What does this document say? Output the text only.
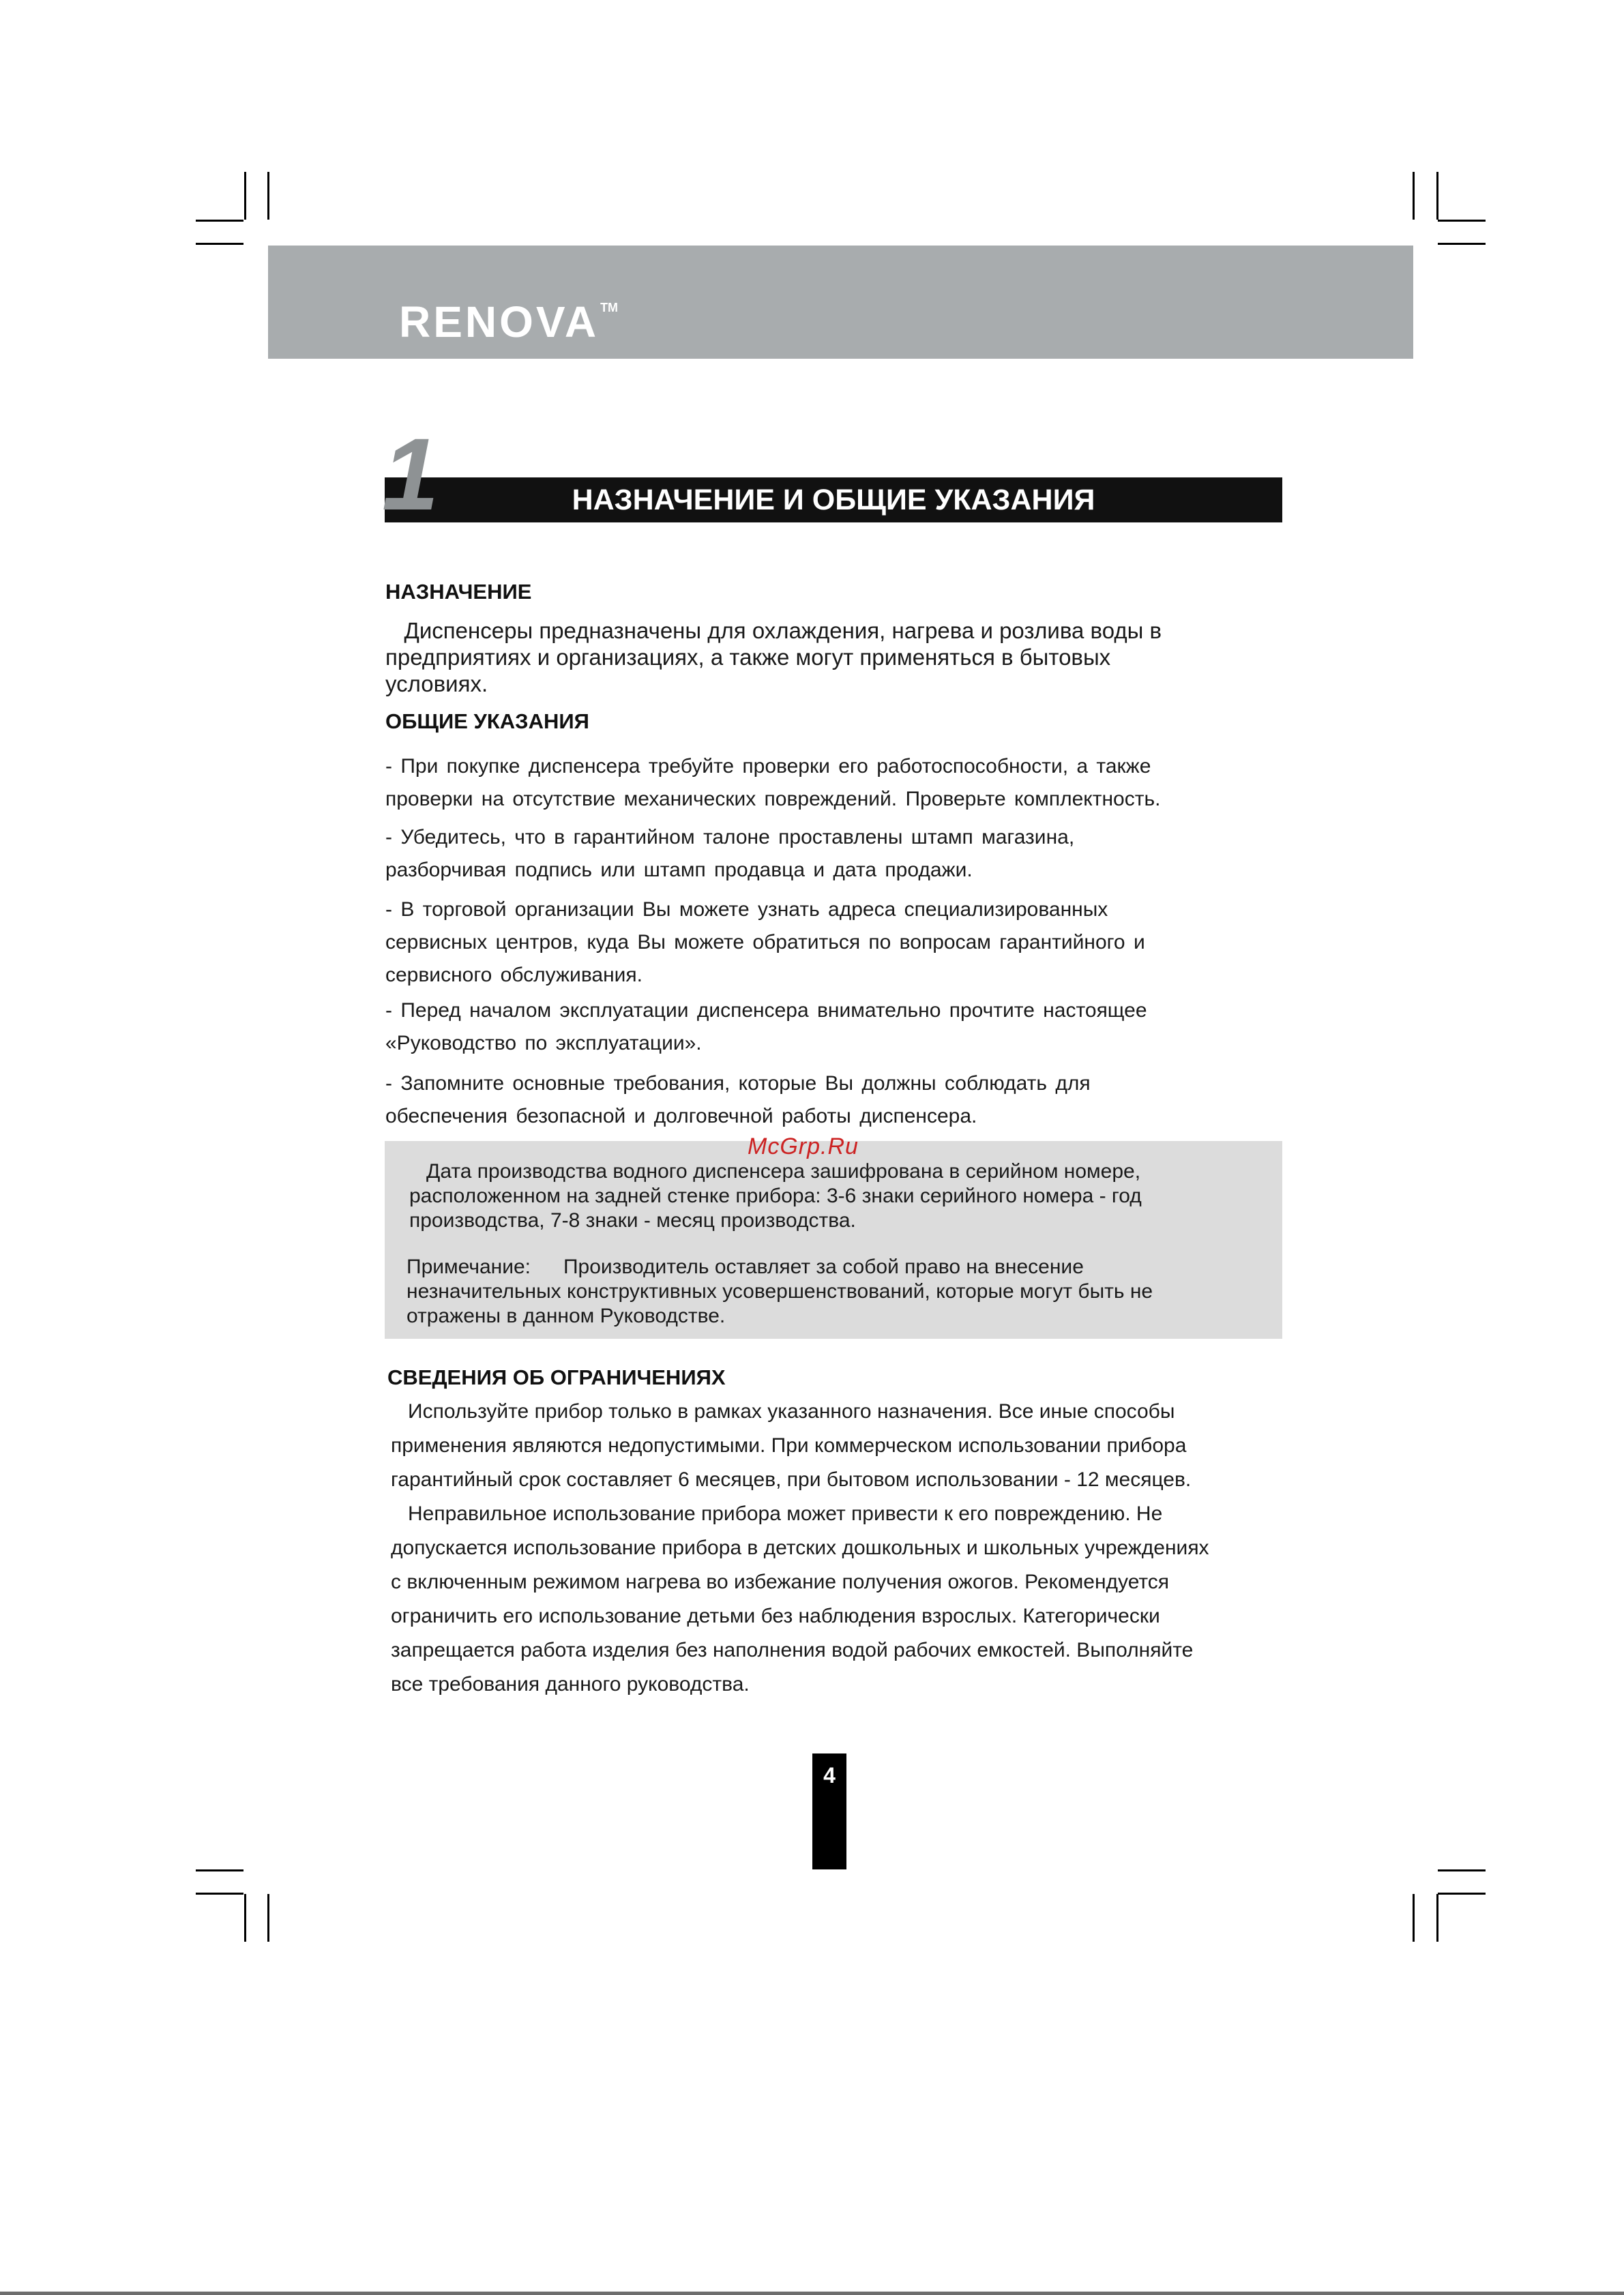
RENOVA ™
НАЗНАЧЕНИЕ И ОБЩИЕ УКАЗАНИЯ
1
НАЗНАЧЕНИЕ

Диспенсеры предназначены для охлаждения, нагрева и розлива воды в
предприятиях и организациях, а также могут применяться в бытовых
условиях.

ОБЩИЕ УКАЗАНИЯ
- При покупке диспенсера требуйте проверки его работоспособности, а также
проверки на отсутствие механических повреждений. Проверьте комплектность.
- Убедитесь, что в гарантийном талоне проставлены штамп магазина,
разборчивая подпись или штамп продавца и дата продажи.
- В торговой организации Вы можете узнать адреса специализированных
сервисных центров, куда Вы можете обратиться по вопросам гарантийного и
сервисного обслуживания.
- Перед началом эксплуатации диспенсера внимательно прочтите настоящее
«Руководство по эксплуатации».
- Запомните основные требования, которые Вы должны соблюдать для
обеспечения безопасной и долговечной работы диспенсера.
McGrp.Ru

Дата производства водного диспенсера зашифрована в серийном номере,
расположенном на задней стенке прибора: 3-6 знаки серийного номера - год
производства, 7-8 знаки - месяц производства.

Примечание: Производитель оставляет за собой право на внесение
незначительных конструктивных усовершенствований, которые могут быть не
отражены в данном Руководстве.

СВЕДЕНИЯ ОБ ОГРАНИЧЕНИЯХ

Используйте прибор только в рамках указанного назначения. Все иные способы
применения являются недопустимыми. При коммерческом использовании прибора
гарантийный срок составляет 6 месяцев, при бытовом использовании - 12 месяцев.
Неправильное использование прибора может привести к его повреждению. Не
допускается использование прибора в детских дошкольных и школьных учреждениях
с включенным режимом нагрева во избежание получения ожогов. Рекомендуется
ограничить его использование детьми без наблюдения взрослых. Категорически
запрещается работа изделия без наполнения водой рабочих емкостей. Выполняйте
все требования данного руководства.

4
